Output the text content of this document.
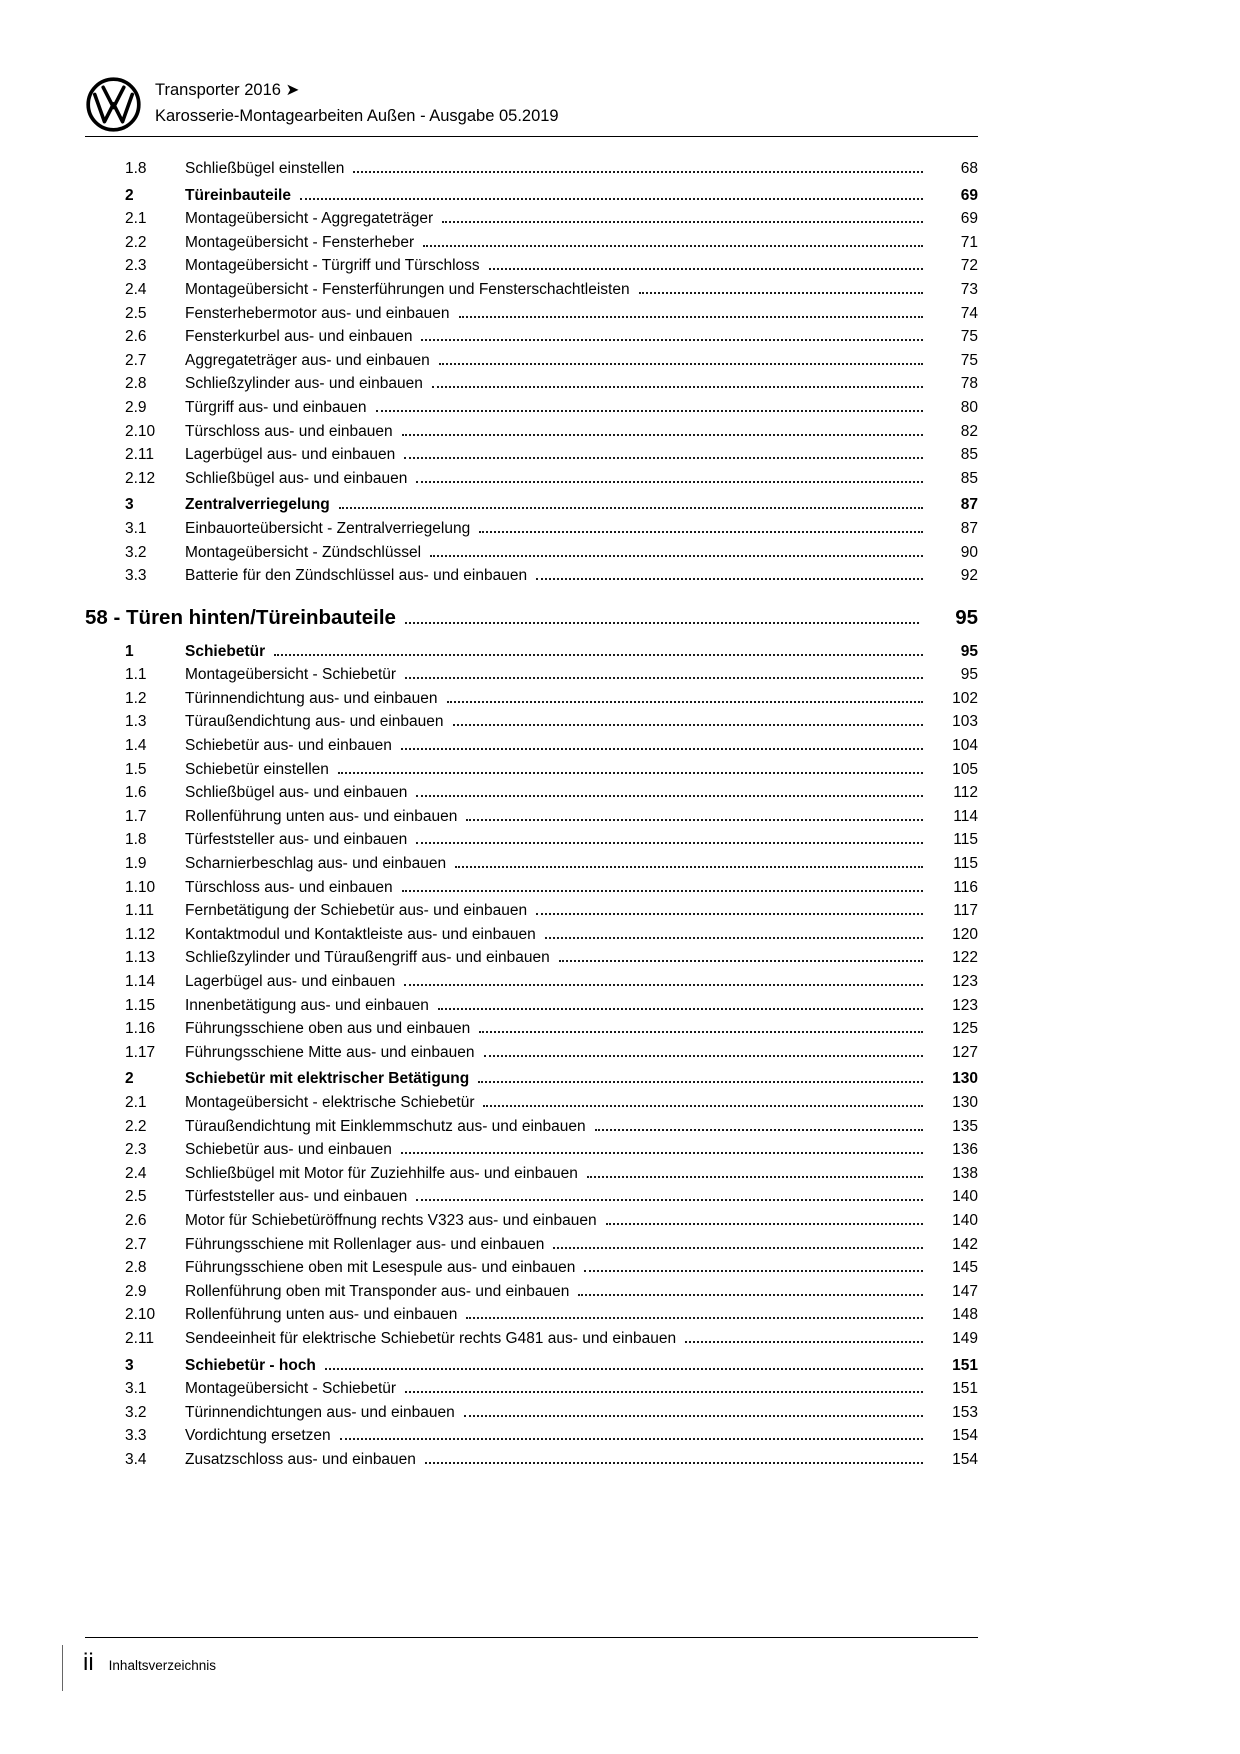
Transporter 2016 ➤
Karosserie-Montagearbeiten Außen - Ausgabe 05.2019
1.8	Schließbügel einstellen	68
2	Türeinbauteile	69
2.1	Montageübersicht - Aggregateträger	69
2.2	Montageübersicht - Fensterheber	71
2.3	Montageübersicht - Türgriff und Türschloss	72
2.4	Montageübersicht - Fensterführungen und Fensterschachtleisten	73
2.5	Fensterhebermotor aus- und einbauen	74
2.6	Fensterkurbel aus- und einbauen	75
2.7	Aggregateträger aus- und einbauen	75
2.8	Schließzylinder aus- und einbauen	78
2.9	Türgriff aus- und einbauen	80
2.10	Türschloss aus- und einbauen	82
2.11	Lagerbügel aus- und einbauen	85
2.12	Schließbügel aus- und einbauen	85
3	Zentralverriegelung	87
3.1	Einbauorteübersicht - Zentralverriegelung	87
3.2	Montageübersicht - Zündschlüssel	90
3.3	Batterie für den Zündschlüssel aus- und einbauen	92
58 - Türen hinten/Türeinbauteile	95
1	Schiebetür	95
1.1	Montageübersicht - Schiebetür	95
1.2	Türinnendichtung aus- und einbauen	102
1.3	Türaußendichtung aus- und einbauen	103
1.4	Schiebetür aus- und einbauen	104
1.5	Schiebetür einstellen	105
1.6	Schließbügel aus- und einbauen	112
1.7	Rollenführung unten aus- und einbauen	114
1.8	Türfeststeller aus- und einbauen	115
1.9	Scharnierbeschlag aus- und einbauen	115
1.10	Türschloss aus- und einbauen	116
1.11	Fernbetätigung der Schiebetür aus- und einbauen	117
1.12	Kontaktmodul und Kontaktleiste aus- und einbauen	120
1.13	Schließzylinder und Türaußengriff aus- und einbauen	122
1.14	Lagerbügel aus- und einbauen	123
1.15	Innenbetätigung aus- und einbauen	123
1.16	Führungsschiene oben aus und einbauen	125
1.17	Führungsschiene Mitte aus- und einbauen	127
2	Schiebetür mit elektrischer Betätigung	130
2.1	Montageübersicht - elektrische Schiebetür	130
2.2	Türaußendichtung mit Einklemmschutz aus- und einbauen	135
2.3	Schiebetür aus- und einbauen	136
2.4	Schließbügel mit Motor für Zuziehhilfe aus- und einbauen	138
2.5	Türfeststeller aus- und einbauen	140
2.6	Motor für Schiebetüröffnung rechts V323 aus- und einbauen	140
2.7	Führungsschiene mit Rollenlager aus- und einbauen	142
2.8	Führungsschiene oben mit Lesespule aus- und einbauen	145
2.9	Rollenführung oben mit Transponder aus- und einbauen	147
2.10	Rollenführung unten aus- und einbauen	148
2.11	Sendeeinheit für elektrische Schiebetür rechts G481 aus- und einbauen	149
3	Schiebetür - hoch	151
3.1	Montageübersicht - Schiebetür	151
3.2	Türinnendichtungen aus- und einbauen	153
3.3	Vordichtung ersetzen	154
3.4	Zusatzschloss aus- und einbauen	154
ii Inhaltsverzeichnis
